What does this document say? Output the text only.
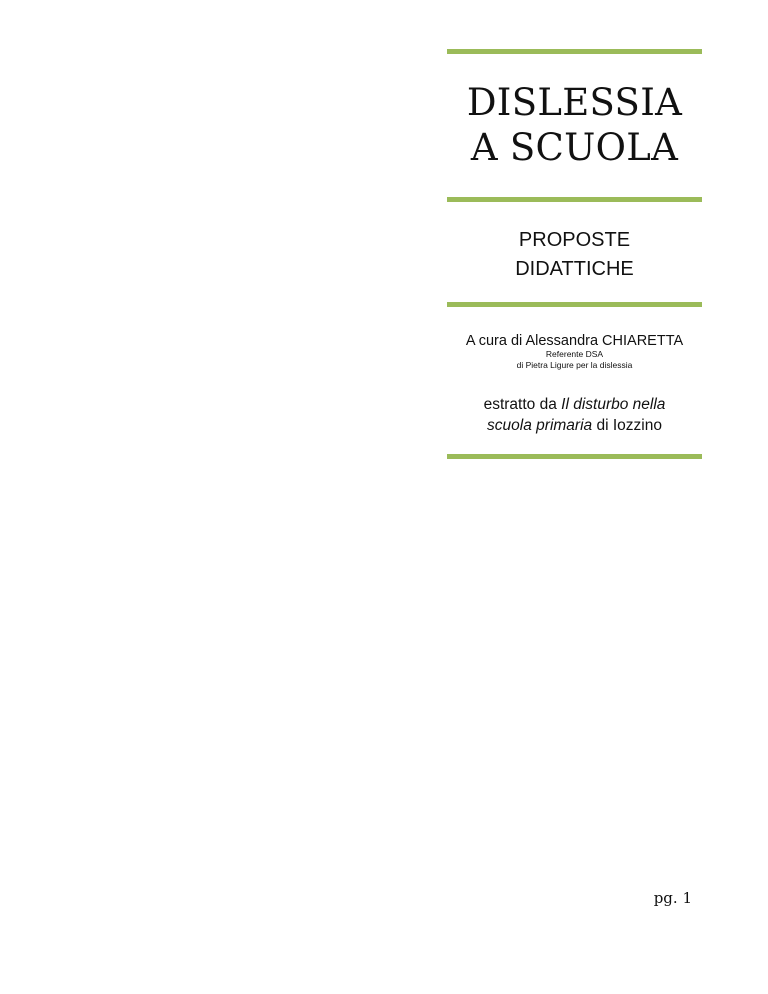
DISLESSIA
A SCUOLA
PROPOSTE
DIDATTICHE
A cura di Alessandra CHIARETTA
Referente DSA
di Pietra Ligure per la dislessia
estratto da Il disturbo nella
scuola primaria di Iozzino
pg. 1
